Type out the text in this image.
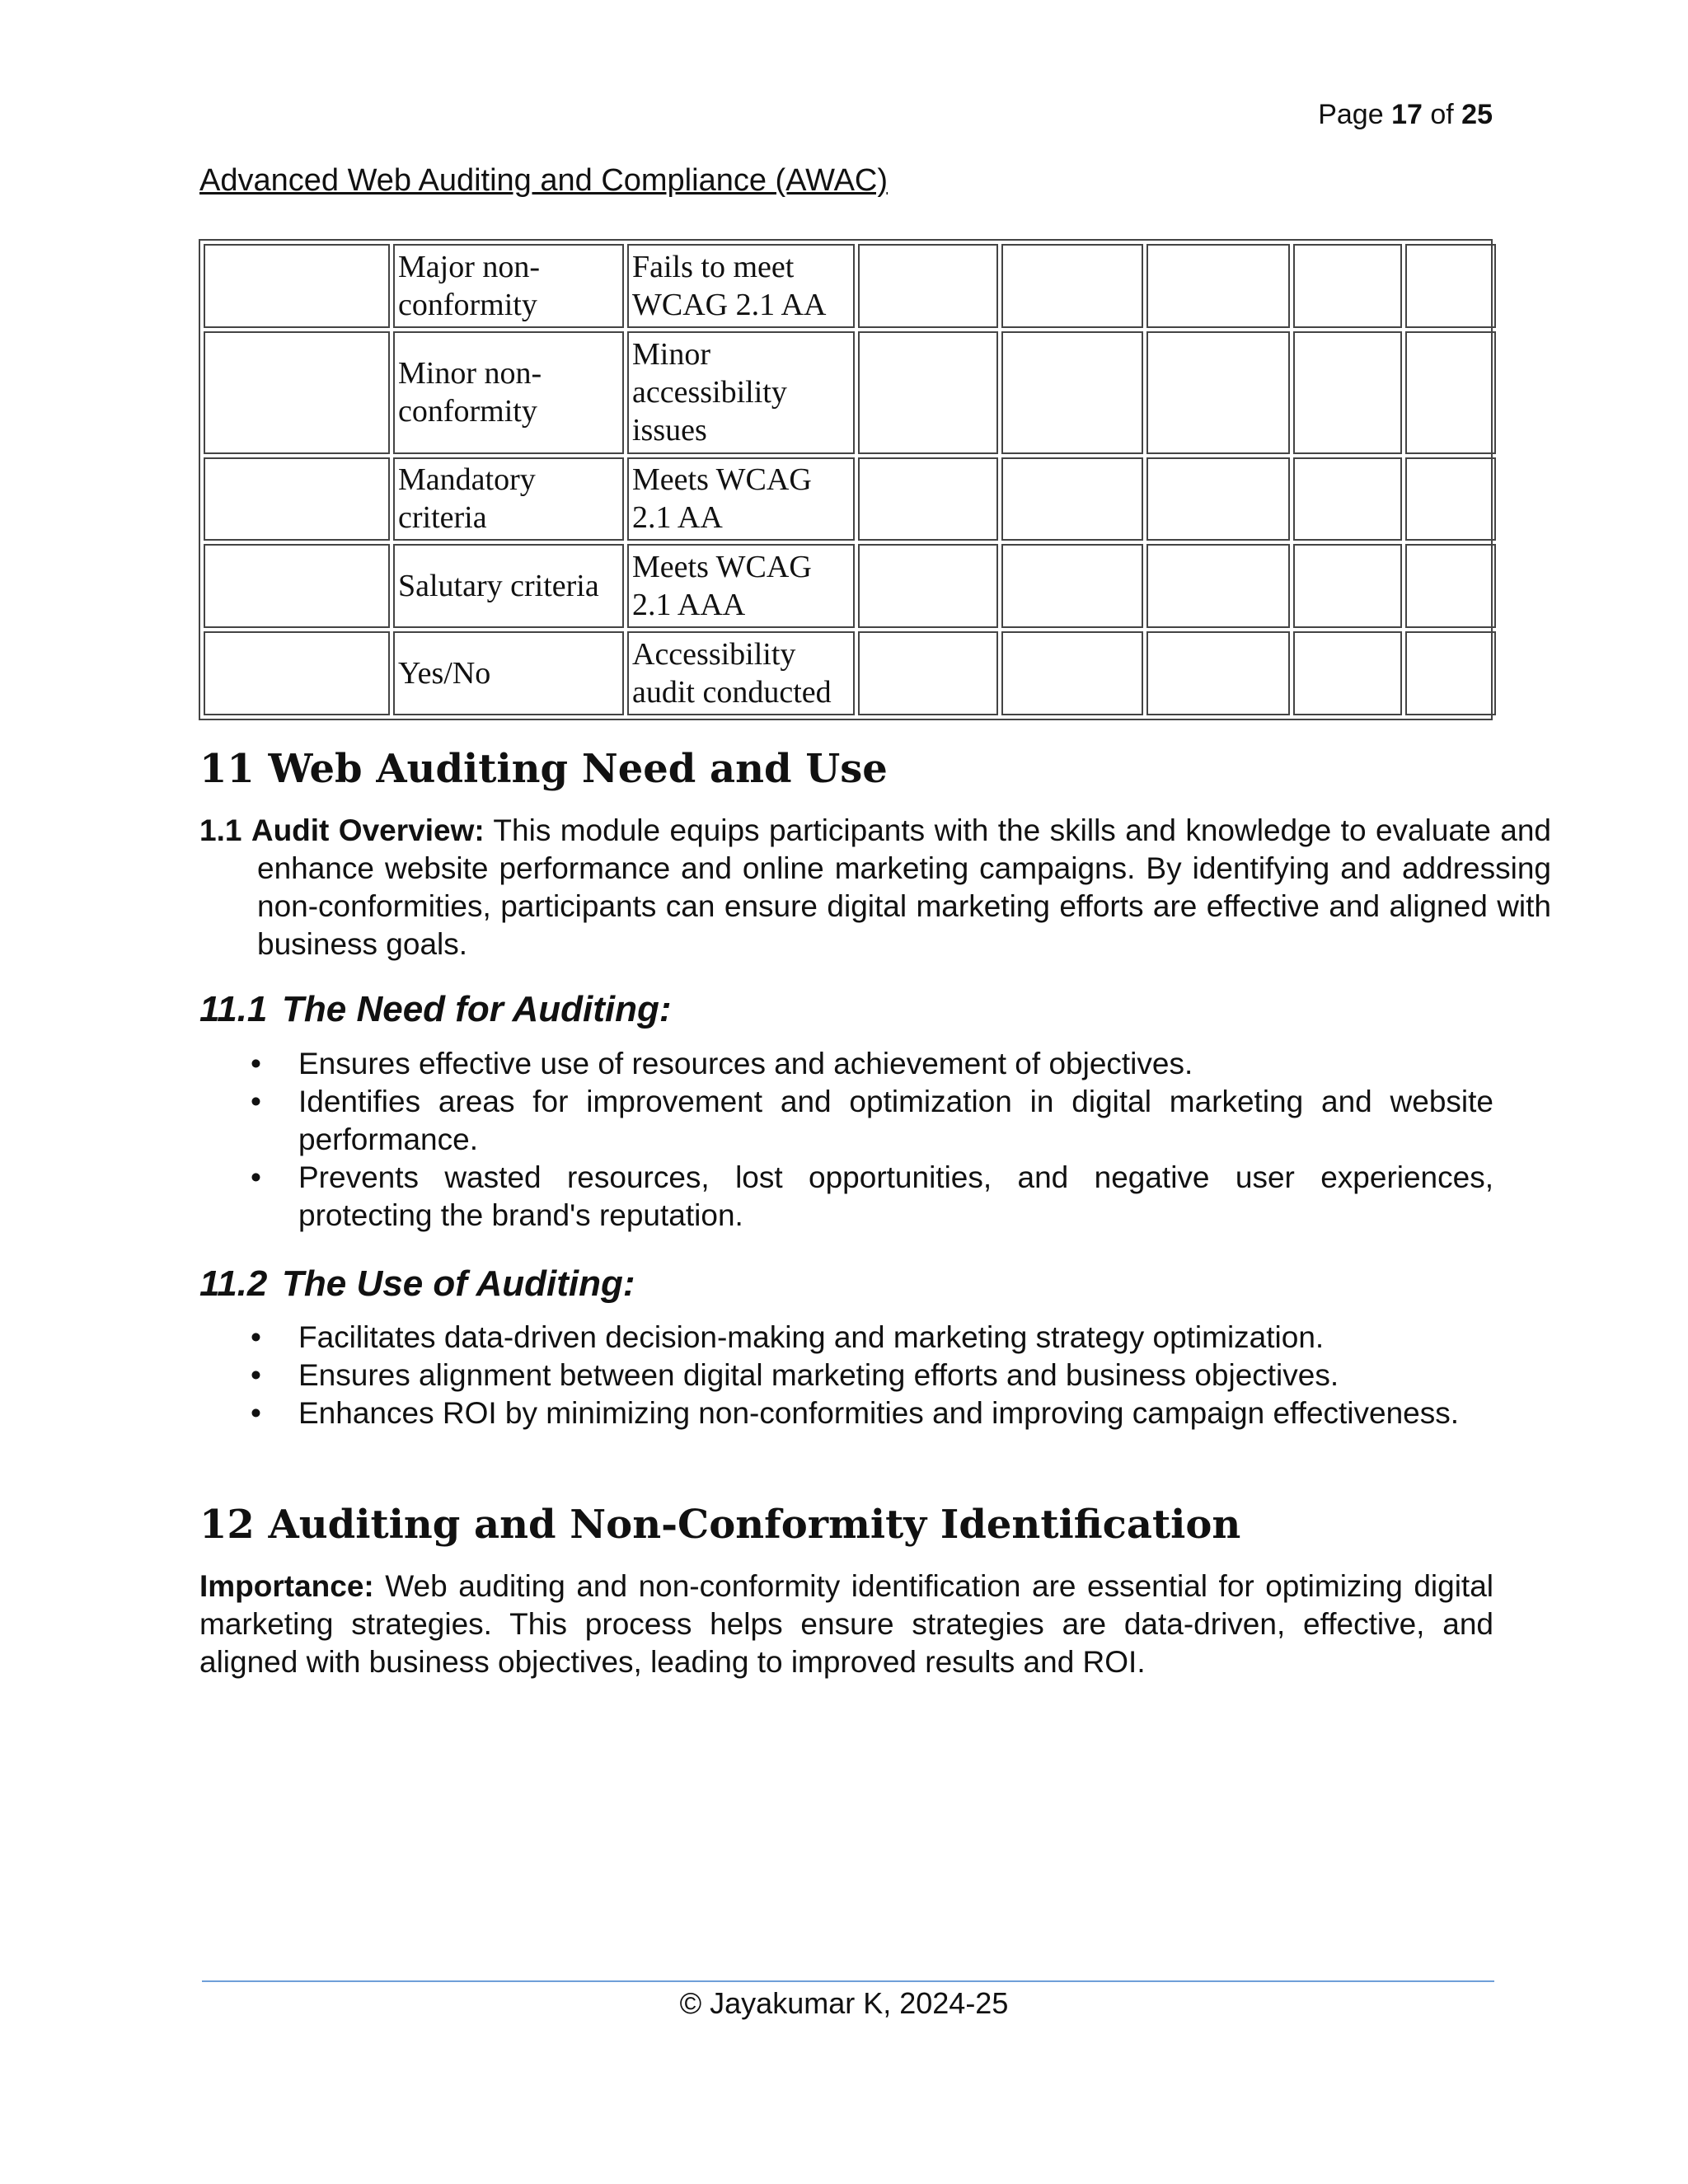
Page 17 of 25
Advanced Web Auditing and Compliance (AWAC)
	Major non-conformity	Fails to meet WCAG 2.1 AA					
	Minor non-conformity	Minor accessibility issues					
	Mandatory criteria	Meets WCAG 2.1 AA					
	Salutary criteria	Meets WCAG 2.1 AAA					
	Yes/No	Accessibility audit conducted					
11 Web Auditing Need and Use

1.1 Audit Overview: This module equips participants with the skills and knowledge to evaluate and enhance website performance and online marketing campaigns. By identifying and addressing non-conformities, participants can ensure digital marketing efforts are effective and aligned with business goals.

11.1 The Need for Auditing:
• Ensures effective use of resources and achievement of objectives.
• Identifies areas for improvement and optimization in digital marketing and website performance.
• Prevents wasted resources, lost opportunities, and negative user experiences, protecting the brand's reputation.
11.2 The Use of Auditing:
• Facilitates data-driven decision-making and marketing strategy optimization.
• Ensures alignment between digital marketing efforts and business objectives.
• Enhances ROI by minimizing non-conformities and improving campaign effectiveness.
12 Auditing and Non-Conformity Identification

Importance: Web auditing and non-conformity identification are essential for optimizing digital marketing strategies. This process helps ensure strategies are data-driven, effective, and aligned with business objectives, leading to improved results and ROI.

© Jayakumar K, 2024-25
